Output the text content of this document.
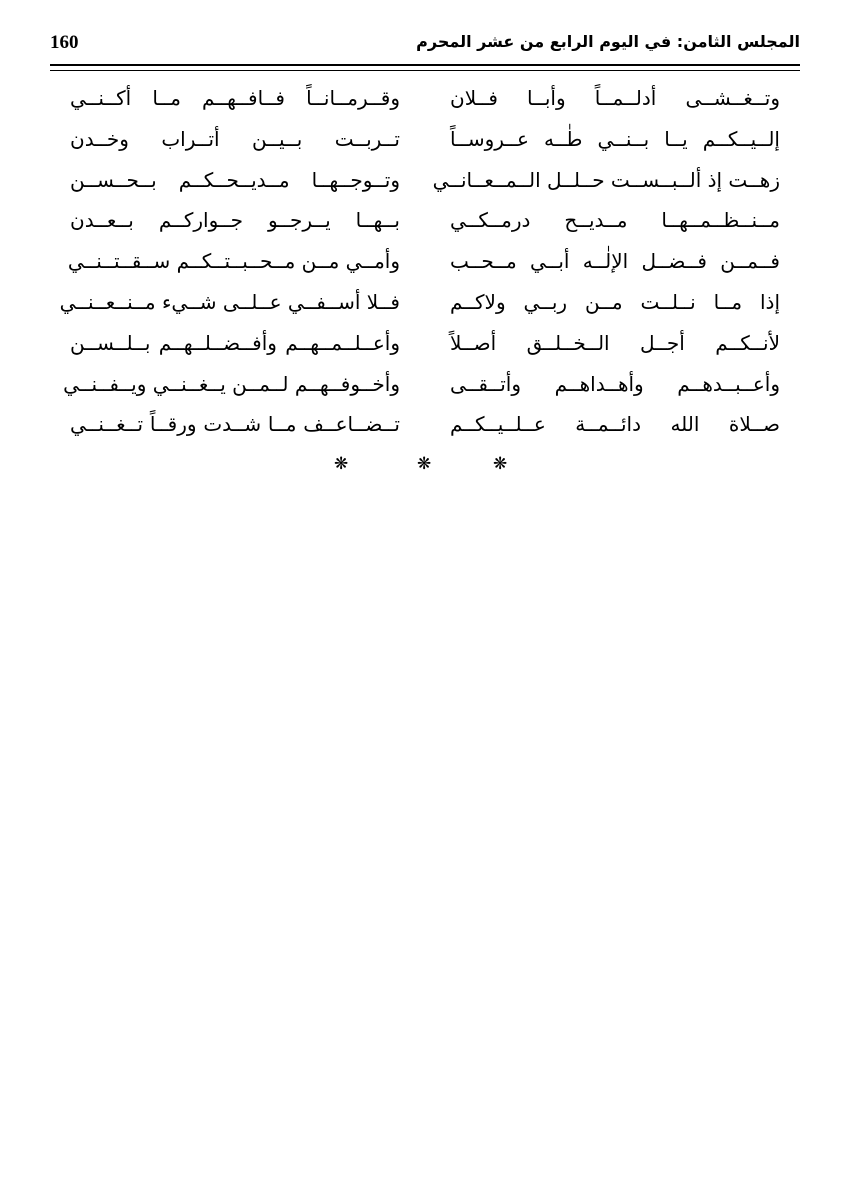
160	المجلس الثامن: في اليوم الرابع من عشر المحرم
وتــغــشــى أدلــمــاً وأبــا فــلان
وقــرمــانــاً فــافــهــم مــا أكــنــي
إلــيــكــم يــا بــنــي طٰــه عــروســاً
تــربــت بــيــن أتــراب وخــدن
زهــت إذ ألــبــســت حــلــل الــمــعــانــي
وتــوجــهــا مــديــحــكــم بــحــســن
مــنــظــمــهــا مــديــح درمــكــي
بــهــا يــرجــو جــواركــم بــعــدن
فــمــن فــضــل الإلٰــه أبــي مــحــب
وأمــي مــن مــحــبــتــكــم ســقــتــنــي
إذا مــا نــلــت مــن ربــي ولاكــم
فــلا أســفــي عــلــى شــيء مــنــعــنــي
لأنــكــم أجــل الــخــلــق أصــلاً
وأعــلــمــهــم وأفــضــلــهــم بــلــســن
وأعــبــدهــم وأهــداهــم وأتــقــى
وأخــوفــهــم لــمــن يــغــنــي ويــفــنــي
صــلاة الله دائــمــة عــلــيــكــم
تــضــاعــف مــا شــدت ورقــاً تــغــنــي
❋
❋
❋
